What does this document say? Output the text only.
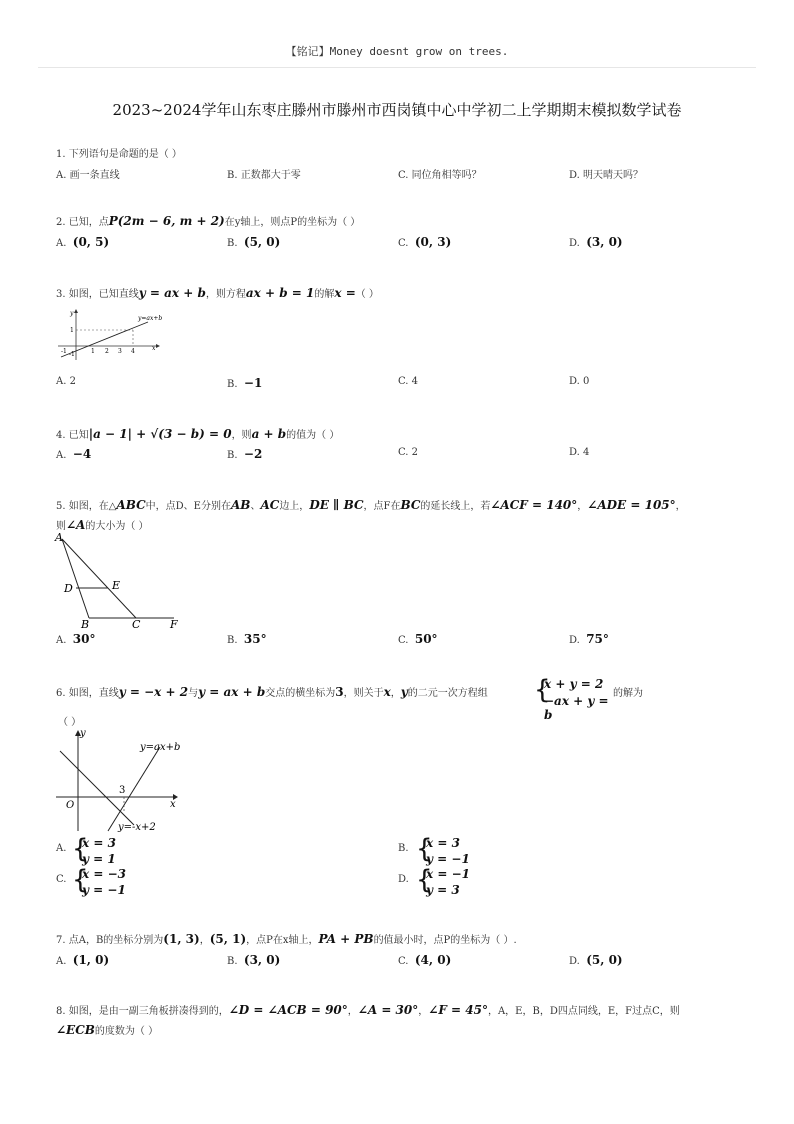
【铭记】Money doesnt grow on trees.
2023~2024学年山东枣庄滕州市滕州市西岗镇中心中学初二上学期期末模拟数学试卷
1. 下列语句是命题的是（ ）
A. 画一条直线	B. 正数都大于零	C. 同位角相等吗？	D. 明天晴天吗？
2. 已知，点P(2m − 6, m + 2)在y轴上，则点P的坐标为（ ）
A. (0, 5)	B. (5, 0)	C. (0, 3)	D. (3, 0)
3. 如图，已知直线y = ax + b，则方程ax + b = 1的解x =（ ）
x
y
y=ax+b
1
-1
-1	1 2 3 4
A. 2	B. −1	C. 4	D. 0
4. 已知|a − 1| + √(3 − b) = 0，则a + b的值为（ ）
A. −4	B. −2	C. 2	D. 4
5. 如图，在△ABC中，点D、E分别在AB、AC边上，DE ∥ BC，点F在BC的延长线上，若∠ACF = 140°，∠ADE = 105°，
则∠A的大小为（ ）
A
D	E
B	C	F
A. 30°	B. 35°	C. 50°	D. 75°
6. 如图，直线y = −x + 2与y = ax + b交点的横坐标为3，则关于x，y的二元一次方程组 {
x + y = 2
−ax + y = b
的解为
（ ）
y
x
O
3
y=ax+b
y=-x+2
A. {
x = 3
y = 1
B. {
x = 3
y = −1
C. {
x = −3
y = −1
D. {
x = −1
y = 3
7. 点A，B的坐标分别为(1, 3)，(5, 1)，点P在x轴上，PA + PB的值最小时，点P的坐标为（ ）.
A. (1, 0)	B. (3, 0)	C. (4, 0)	D. (5, 0)
8. 如图，是由一副三角板拼凑得到的，∠D = ∠ACB = 90°，∠A = 30°，∠F = 45°，A，E，B，D四点同线，E，F过点C，则
∠ECB的度数为（ ）
